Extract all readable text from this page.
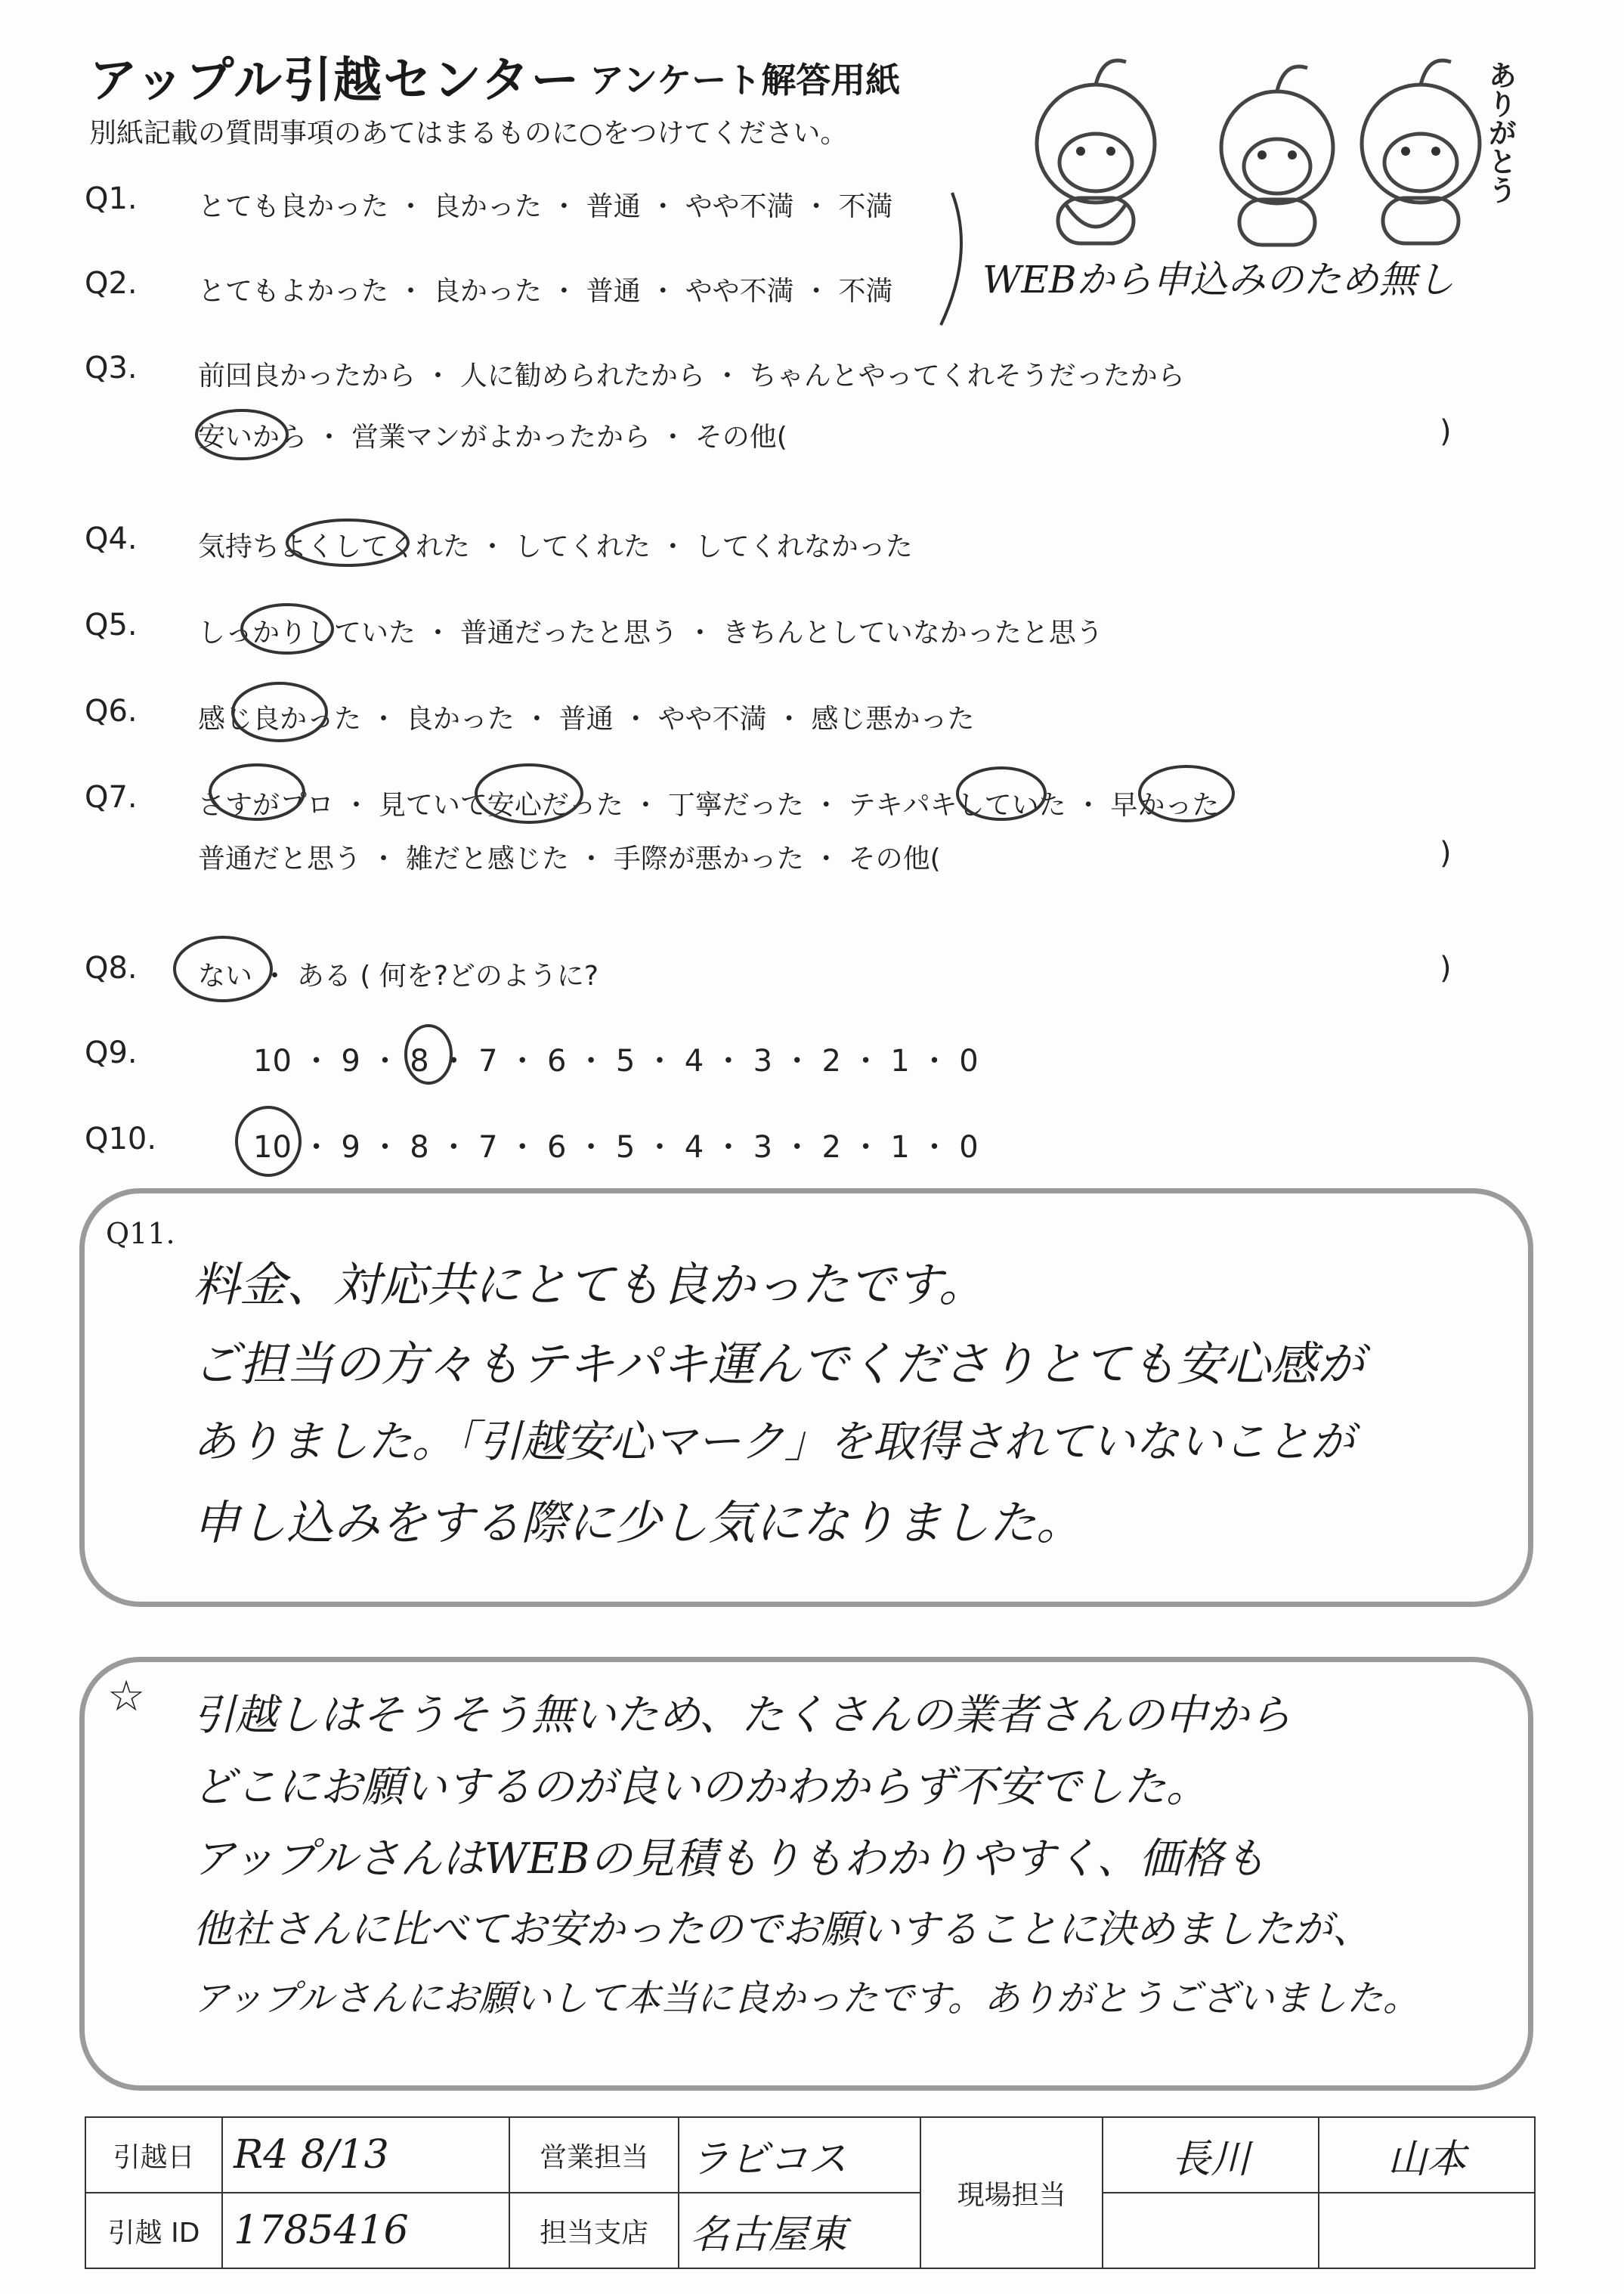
アップル引越センター アンケート解答用紙
別紙記載の質問事項のあてはまるものに○をつけてください。	ありがとう
Q1. とても良かった ・ 良かった ・ 普通 ・ やや不満 ・ 不満
Q2. とてもよかった ・ 良かった ・ 普通 ・ やや不満 ・ 不満 WEBから申込みのため無し
Q3. 前回良かったから ・ 人に勧められたから ・ ちゃんとやってくれそうだったから
安いから ・ 営業マンがよかったから ・ その他(	)
Q4. 気持ちよくしてくれた ・ してくれた ・ してくれなかった
Q5. しっかりしていた ・ 普通だったと思う ・ きちんとしていなかったと思う
Q6. 感じ良かった ・ 良かった ・ 普通 ・ やや不満 ・ 感じ悪かった
Q7. さすがプロ ・ 見ていて安心だった ・ 丁寧だった ・ テキパキしていた ・ 早かった
普通だと思う ・ 雑だと感じた ・ 手際が悪かった ・ その他(	)
Q8. ない ・ ある ( 何を?どのように?	)
Q9.	10 ・ 9 ・ 8 ・ 7 ・ 6 ・ 5 ・ 4 ・ 3 ・ 2 ・ 1 ・ 0
Q10.	10 ・ 9 ・ 8 ・ 7 ・ 6 ・ 5 ・ 4 ・ 3 ・ 2 ・ 1 ・ 0
Q11.
料金、対応共にとても良かったです。
ご担当の方々もテキパキ運んでくださりとても安心感が
ありました。「引越安心マーク」を取得されていないことが
申し込みをする際に少し気になりました。
☆ 引越しはそうそう無いため、たくさんの業者さんの中から
どこにお願いするのが良いのかわからず不安でした。
アップルさんはWEBの見積もりもわかりやすく、価格も
他社さんに比べてお安かったのでお願いすることに決めましたが、
アップルさんにお願いして本当に良かったです。ありがとうございました。
引越日	R4 8/13	営業担当	ラビコス	現場担当	長川	山本
引越 ID	1785416	担当支店	名古屋東			
